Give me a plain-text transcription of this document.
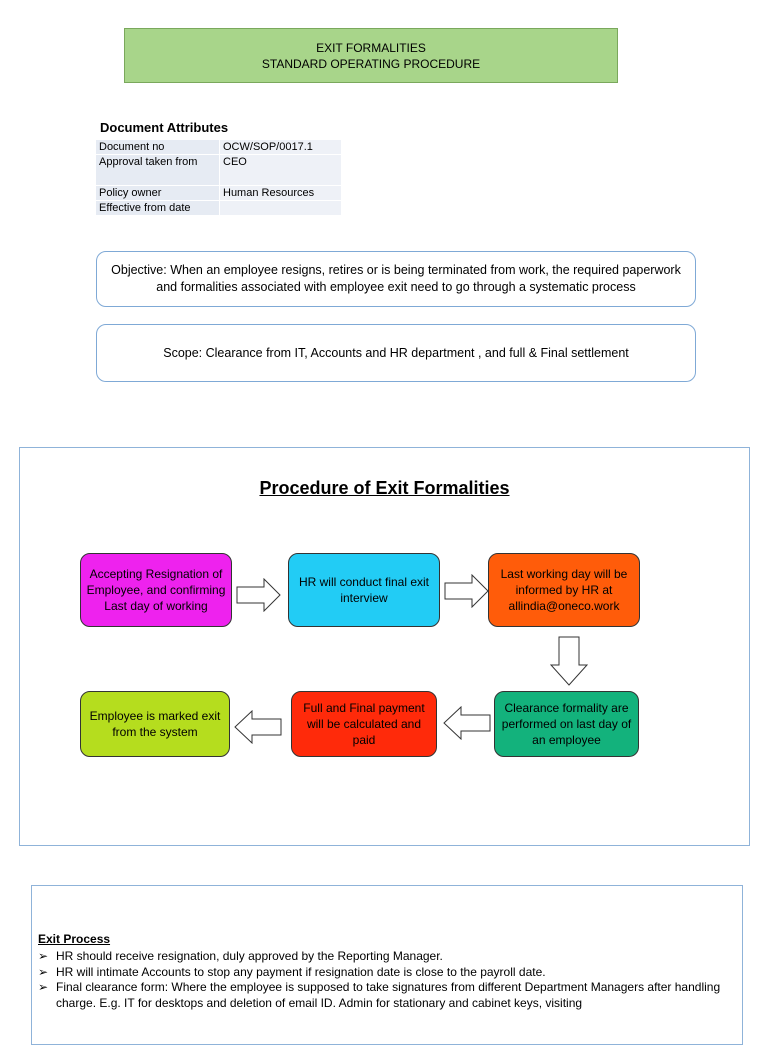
EXIT FORMALITIES
STANDARD OPERATING PROCEDURE
Document Attributes
Document no	OCW/SOP/0017.1
Approval taken from	CEO
Policy owner	Human Resources
Effective from date	
Objective: When an employee resigns, retires or is being terminated from work, the required paperwork and formalities associated with employee exit need to go through a systematic process
Scope: Clearance from IT, Accounts and HR department , and full & Final settlement
Procedure of Exit Formalities
Accepting Resignation of Employee, and confirming Last day of working
HR will conduct final exit interview
Last working day will be informed by HR at allindia@oneco.work
Clearance formality are performed on last day of an employee
Full and Final payment will be calculated and paid
Employee is marked exit from the system
Exit Process
➢ HR should receive resignation, duly approved by the Reporting Manager.
➢ HR will intimate Accounts to stop any payment if resignation date is close to the payroll date.
➢ Final clearance form: Where the employee is supposed to take signatures from different Department Managers after handling charge. E.g. IT for desktops and deletion of email ID. Admin for stationary and cabinet keys, visiting
